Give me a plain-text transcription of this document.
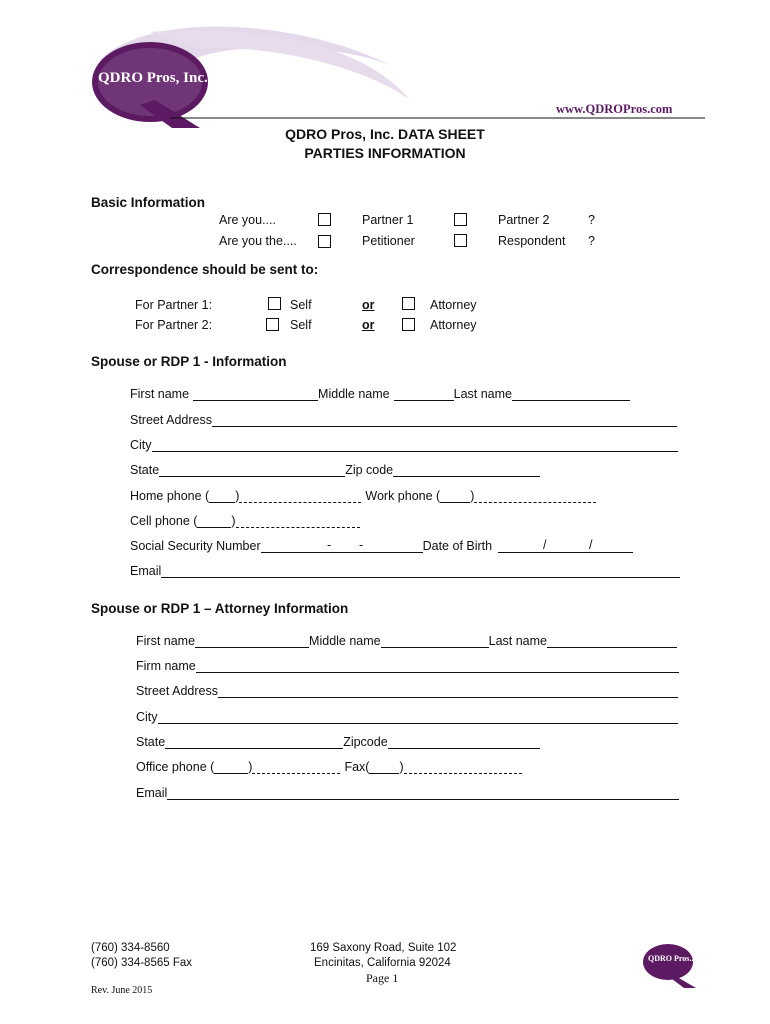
QDRO Pros, Inc.
www.QDROPros.com
QDRO Pros, Inc. DATA SHEET
PARTIES INFORMATION
Basic Information
Are you....	Partner 1	Partner 2	?
Are you the....	Petitioner	Respondent ?
Correspondence should be sent to:
For Partner 1:	Self	or	Attorney
For Partner 2:	Self	or	Attorney
Spouse or RDP 1 - Information
First name	Middle name	Last name
Street Address
City
State	Zip code
Home phone ( )	Work phone ( )
Cell phone (	)
Social Security Number	Date of Birth
- -	/	/
Email
Spouse or RDP 1 – Attorney Information
First name	Middle name	Last name
Firm name
Street Address
City
State	Zipcode
Office phone (	)	Fax( )
Email
(760) 334-8560
(760) 334-8565 Fax
169 Saxony Road, Suite 102
Encinitas, California 92024
Page 1
Rev. June 2015
QDRO Pros...
